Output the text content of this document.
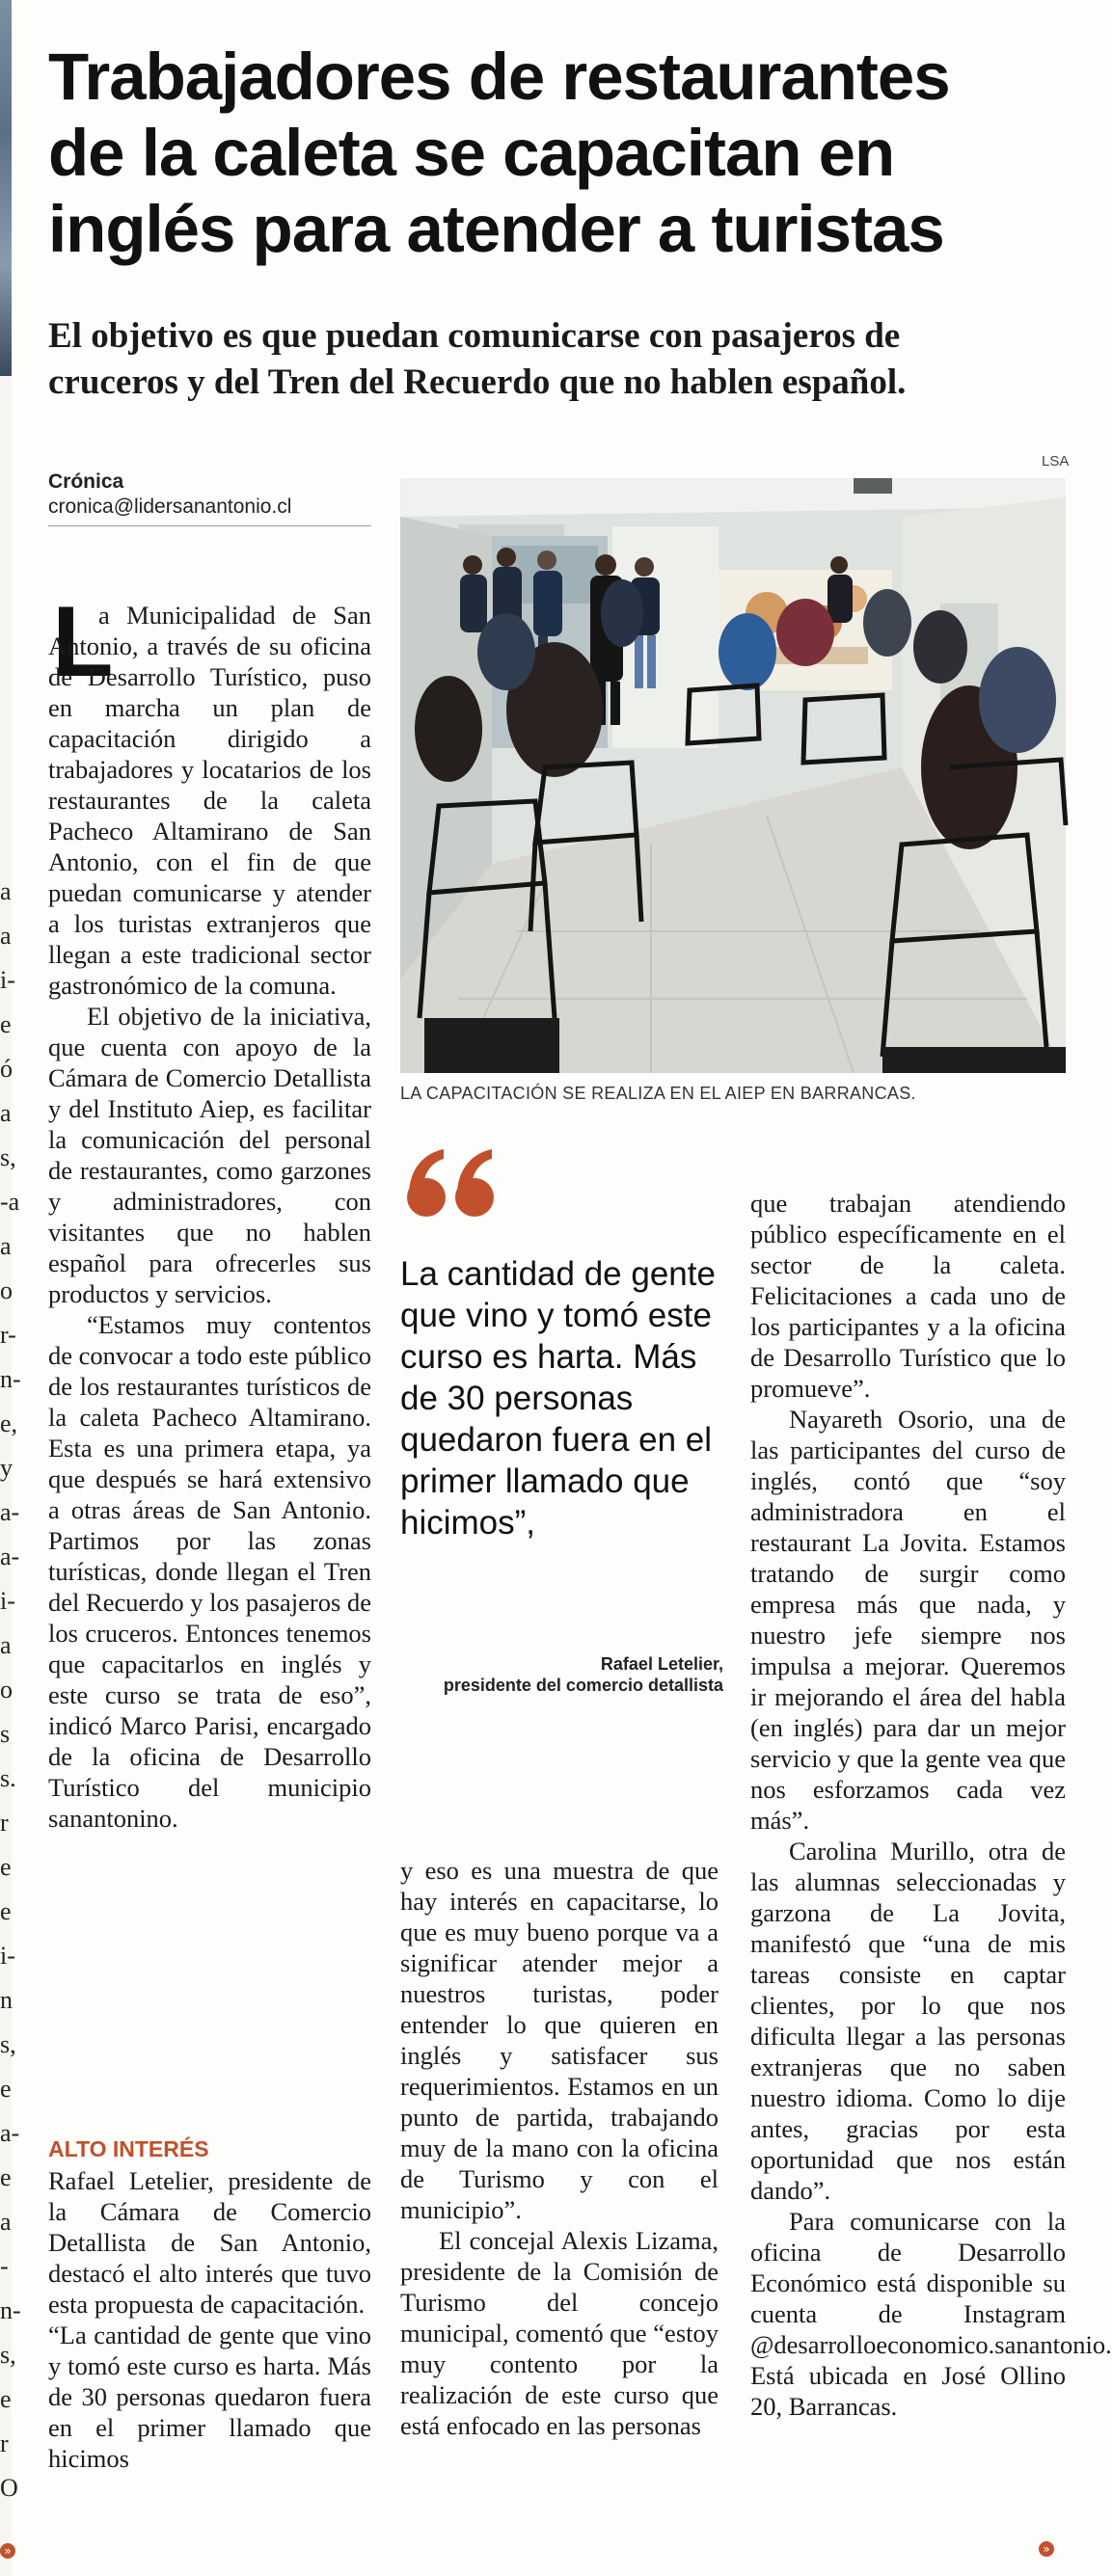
a
a
i-
e
ó
a
s,
-a
a
o
r-
n-
e,
y
a-
a-
i-
a
o
s
s.
r
e
e
i-
n
s,
e
a-
e
a
-
n-
s,
e
r
O
Trabajadores de restaurantes
de la caleta se capacitan en
inglés para atender a turistas
El objetivo es que puedan comunicarse con pasajeros de
cruceros y del Tren del Recuerdo que no hablen español.
Crónica
cronica@lidersanantonio.cl
LSA
LA CAPACITACIÓN SE REALIZA EN EL AIEP EN BARRANCAS.
L

a Municipalidad de San Antonio, a través de su oficina de Desarrollo Turístico, puso en marcha un plan de capacitación dirigido a trabajadores y locatarios de los restaurantes de la caleta Pacheco Altamirano de San Antonio, con el fin de que puedan comunicarse y atender a los turistas extranjeros que llegan a este tradicional sector gastronómico de la comuna.

El objetivo de la iniciativa, que cuenta con apoyo de la Cámara de Comercio Detallista y del Instituto Aiep, es facilitar la comunicación del personal de restaurantes, como garzones y administradores, con visitantes que no hablen español para ofrecerles sus productos y servicios.

“Estamos muy contentos de convocar a todo este público de los restaurantes turísticos de la caleta Pacheco Altamirano. Esta es una primera etapa, ya que después se hará extensivo a otras áreas de San Antonio. Partimos por las zonas turísticas, donde llegan el Tren del Recuerdo y los pasajeros de los cruceros. Entonces tenemos que capacitarlos en inglés y este curso se trata de eso”, indicó Marco Parisi, encargado de la oficina de Desarrollo Turístico del municipio sanantonino.

ALTO INTERÉS

Rafael Letelier, presidente de la Cámara de Comercio Detallista de San Antonio, destacó el alto interés que tuvo esta propuesta de capacitación.

“La cantidad de gente que vino y tomó este curso es harta. Más de 30 personas quedaron fuera en el primer llamado que hicimos

»

La cantidad de gente que vino y tomó este curso es harta. Más de 30 personas quedaron fuera en el primer llamado que hicimos”,

Rafael Letelier,
presidente del comercio detallista

y eso es una muestra de que hay interés en capacitarse, lo que es muy bueno porque va a significar atender mejor a nuestros turistas, poder entender lo que quieren en inglés y satisfacer sus requerimientos. Estamos en un punto de partida, trabajando muy de la mano con la oficina de Turismo y con el municipio”.

El concejal Alexis Lizama, presidente de la Comisión de Turismo del concejo municipal, comentó que “estoy muy contento por la realización de este curso que está enfocado en las personas

que trabajan atendiendo público específicamente en el sector de la caleta. Felicitaciones a cada uno de los participantes y a la oficina de Desarrollo Turístico que lo promueve”.

Nayareth Osorio, una de las participantes del curso de inglés, contó que “soy administradora en el restaurant La Jovita. Estamos tratando de surgir como empresa más que nada, y nuestro jefe siempre nos impulsa a mejorar. Queremos ir mejorando el área del habla (en inglés) para dar un mejor servicio y que la gente vea que nos esforzamos cada vez más”.

Carolina Murillo, otra de las alumnas seleccionadas y garzona de La Jovita, manifestó que “una de mis tareas consiste en captar clientes, por lo que nos dificulta llegar a las personas extranjeras que no saben nuestro idioma. Como lo dije antes, gracias por esta oportunidad que nos están dando”.

Para comunicarse con la oficina de Desarrollo Económico está disponible su cuenta de Instagram @desarrolloeconomico.sanantonio. Está ubicada en José Ollino 20, Barrancas.

»
